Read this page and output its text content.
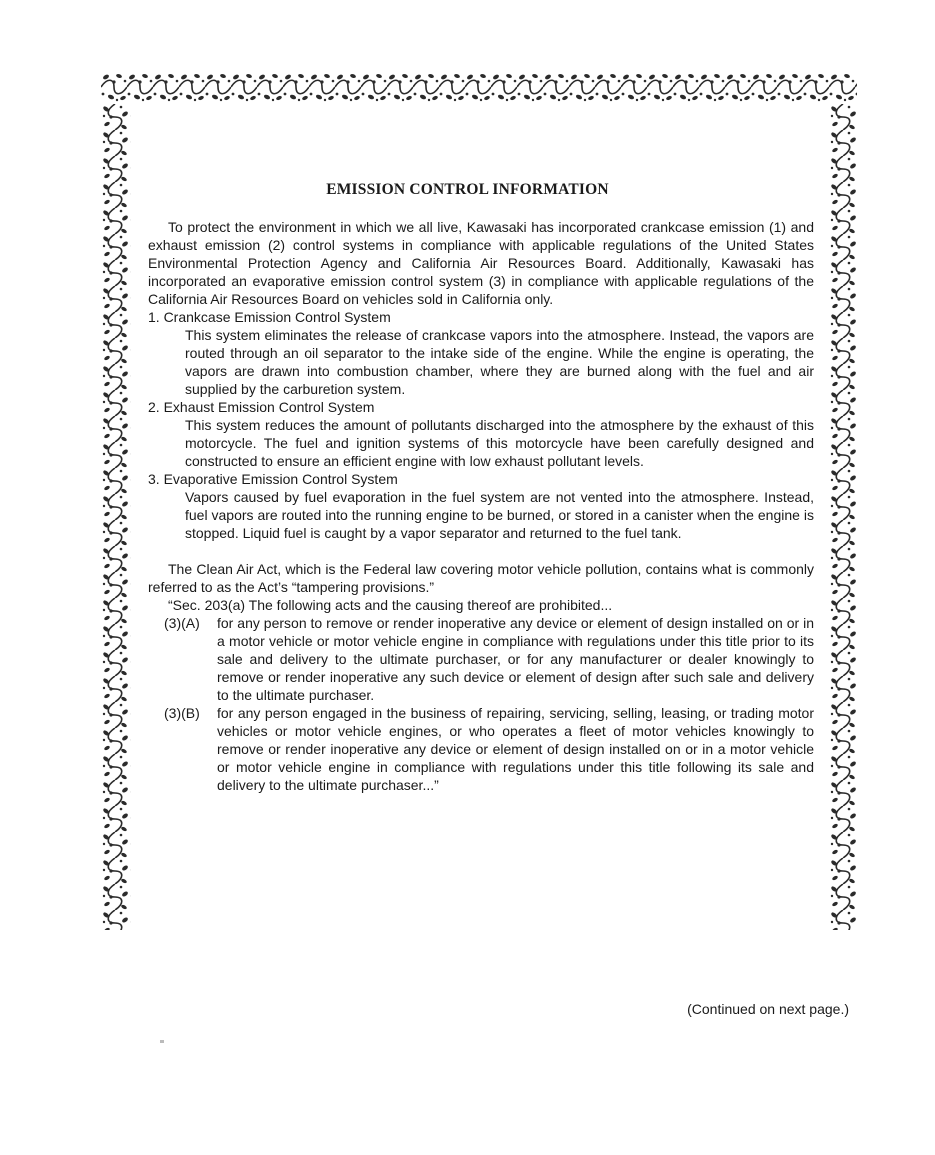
EMISSION CONTROL INFORMATION

To protect the environment in which we all live, Kawasaki has incorporated crankcase emission (1) and exhaust emission (2) control systems in compliance with applicable regulations of the United States Environmental Protection Agency and California Air Resources Board. Additionally, Kawasaki has incorporated an evaporative emission control system (3) in compliance with applicable regulations of the California Air Resources Board on vehicles sold in California only.

1. Crankcase Emission Control System

This system eliminates the release of crankcase vapors into the atmosphere. Instead, the vapors are routed through an oil separator to the intake side of the engine. While the engine is operating, the vapors are drawn into combustion chamber, where they are burned along with the fuel and air supplied by the carburetion system.

2. Exhaust Emission Control System

This system reduces the amount of pollutants discharged into the atmosphere by the exhaust of this motorcycle. The fuel and ignition systems of this motorcycle have been carefully designed and constructed to ensure an efficient engine with low exhaust pollutant levels.

3. Evaporative Emission Control System

Vapors caused by fuel evaporation in the fuel system are not vented into the atmosphere. Instead, fuel vapors are routed into the running engine to be burned, or stored in a canister when the engine is stopped. Liquid fuel is caught by a vapor separator and returned to the fuel tank.

The Clean Air Act, which is the Federal law covering motor vehicle pollution, contains what is commonly referred to as the Act’s “tampering provisions.”

“Sec. 203(a) The following acts and the causing thereof are prohibited...

(3)(A)	for any person to remove or render inoperative any device or element of design installed on or in a motor vehicle or motor vehicle engine in compliance with regulations under this title prior to its sale and delivery to the ultimate purchaser, or for any manufacturer or dealer knowingly to remove or render inoperative any such device or element of design after such sale and delivery to the ultimate purchaser.
(3)(B)	for any person engaged in the business of repairing, servicing, selling, leasing, or trading motor vehicles or motor vehicle engines, or who operates a fleet of motor vehicles knowingly to remove or render inoperative any device or element of design installed on or in a motor vehicle or motor vehicle engine in compliance with regulations under this title following its sale and delivery to the ultimate purchaser...”
(Continued on next page.)
